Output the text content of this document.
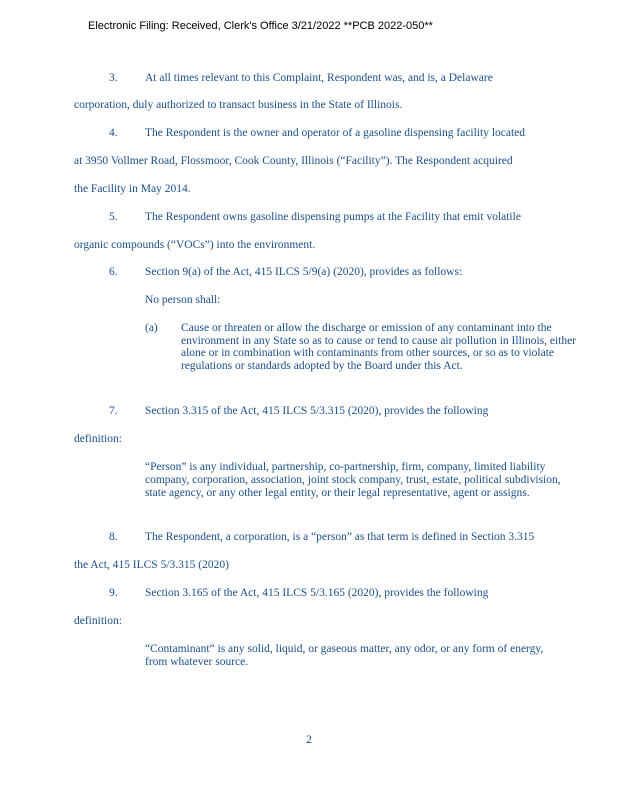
Electronic Filing: Received, Clerk's Office 3/21/2022 **PCB 2022-050**
3. At all times relevant to this Complaint, Respondent was, and is, a Delaware
corporation, duly authorized to transact business in the State of Illinois.
4. The Respondent is the owner and operator of a gasoline dispensing facility located
at 3950 Vollmer Road, Flossmoor, Cook County, Illinois (“Facility”). The Respondent acquired
the Facility in May 2014.
5. The Respondent owns gasoline dispensing pumps at the Facility that emit volatile
organic compounds (“VOCs”) into the environment.
6. Section 9(a) of the Act, 415 ILCS 5/9(a) (2020), provides as follows:
No person shall:
(a) Cause or threaten or allow the discharge or emission of any contaminant into the environment in any State so as to cause or tend to cause air pollution in Illinois, either alone or in combination with contaminants from other sources, or so as to violate regulations or standards adopted by the Board under this Act.
7. Section 3.315 of the Act, 415 ILCS 5/3.315 (2020), provides the following
definition:
“Person” is any individual, partnership, co-partnership, firm, company, limited liability company, corporation, association, joint stock company, trust, estate, political subdivision, state agency, or any other legal entity, or their legal representative, agent or assigns.
8. The Respondent, a corporation, is a “person” as that term is defined in Section 3.315
the Act, 415 ILCS 5/3.315 (2020)
9. Section 3.165 of the Act, 415 ILCS 5/3.165 (2020), provides the following
definition:
“Contaminant” is any solid, liquid, or gaseous matter, any odor, or any form of energy, from whatever source.
2
